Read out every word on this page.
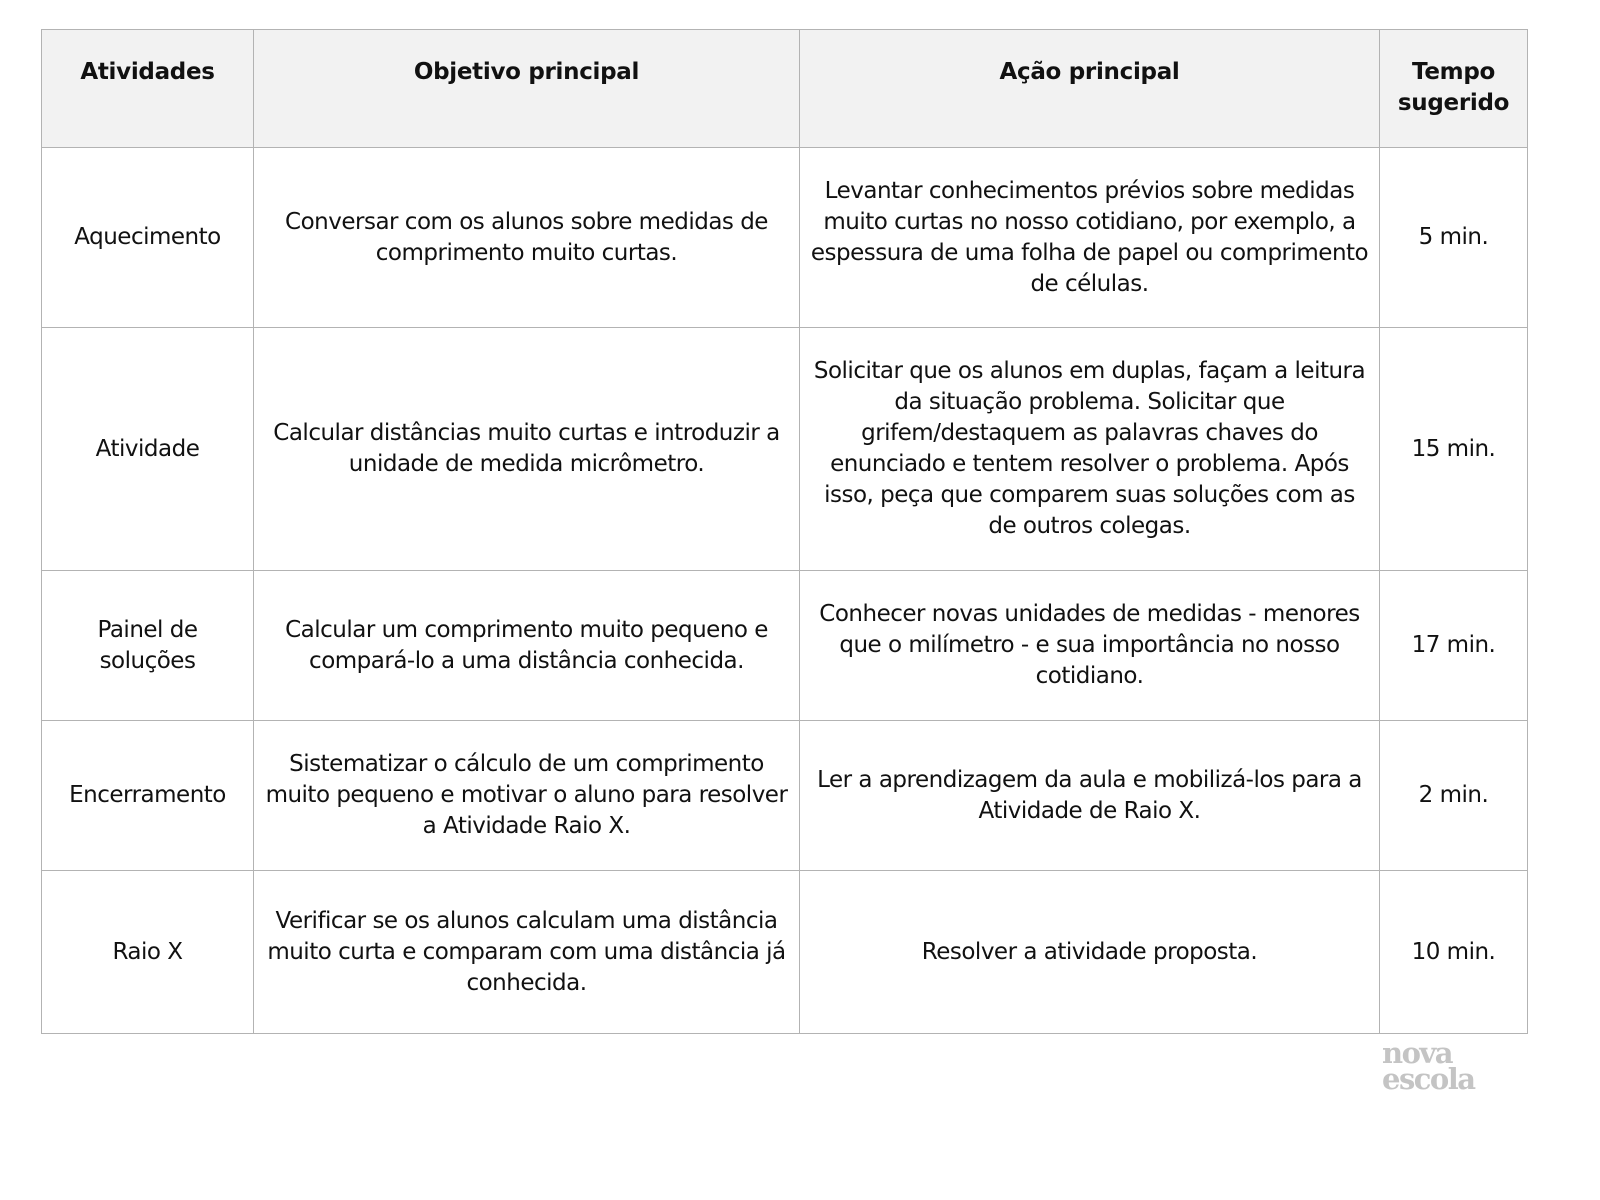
Atividades	Objetivo principal	Ação principal	Tempo sugerido
Aquecimento	Conversar com os alunos sobre medidas de comprimento muito curtas.	Levantar conhecimentos prévios sobre medidas muito curtas no nosso cotidiano, por exemplo, a espessura de uma folha de papel ou comprimento de células.	5 min.
Atividade	Calcular distâncias muito curtas e introduzir a unidade de medida micrômetro.	Solicitar que os alunos em duplas, façam a leitura da situação problema. Solicitar que grifem/destaquem as palavras chaves do enunciado e tentem resolver o problema. Após isso, peça que comparem suas soluções com as de outros colegas.	15 min.
Painel de soluções	Calcular um comprimento muito pequeno e compará-lo a uma distância conhecida.	Conhecer novas unidades de medidas - menores que o milímetro - e sua importância no nosso cotidiano.	17 min.
Encerramento	Sistematizar o cálculo de um comprimento muito pequeno e motivar o aluno para resolver a Atividade Raio X.	Ler a aprendizagem da aula e mobilizá-los para a Atividade de Raio X.	2 min.
Raio X	Verificar se os alunos calculam uma distância muito curta e comparam com uma distância já conhecida.	Resolver a atividade proposta.	10 min.
nova
escola
